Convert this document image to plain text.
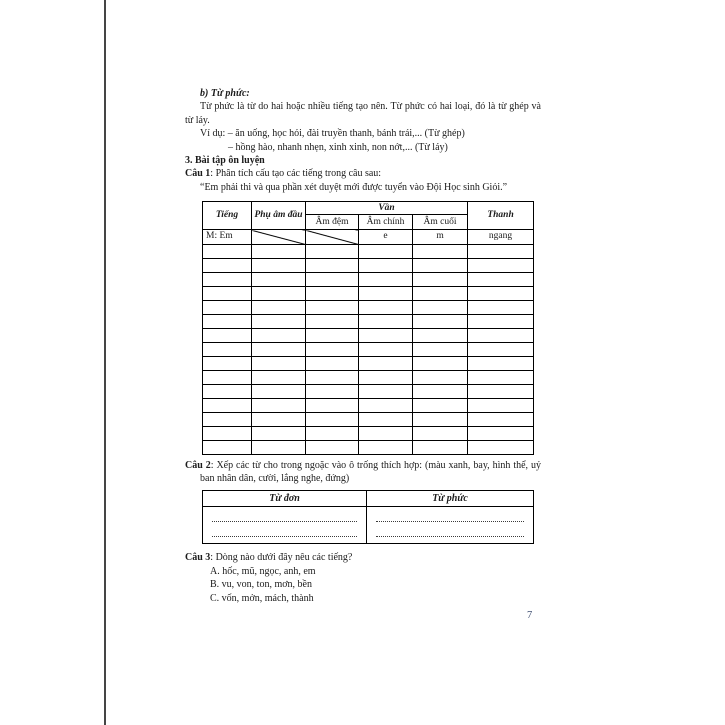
b) Từ phức:

Từ phức là từ do hai hoặc nhiều tiếng tạo nên. Từ phức có hai loại, đó là từ ghép và từ láy.

Ví dụ: – ăn uống, học hỏi, đài truyền thanh, bánh trái,... (Từ ghép)

– hồng hào, nhanh nhẹn, xinh xinh, non nớt,... (Từ láy)

3. Bài tập ôn luyện

Câu 1: Phân tích cấu tạo các tiếng trong câu sau:

“Em phải thi và qua phần xét duyệt mới được tuyển vào Đội Học sinh Giỏi.”

Tiếng	Phụ âm đầu	Vần			Thanh
		Âm đệm	Âm chính	Âm cuối	
M: Em			e	m	ngang

Câu 2: Xếp các từ cho trong ngoặc vào ô trống thích hợp: (màu xanh, bay, hình thể, uỷ ban nhân dân, cười, lắng nghe, đứng)

Từ đơn	Từ phức

Câu 3: Dòng nào dưới đây nêu các tiếng?

A. hốc, mũ, ngọc, anh, em

B. vu, von, ton, mơn, bền

C. vốn, mởn, mách, thành

7
